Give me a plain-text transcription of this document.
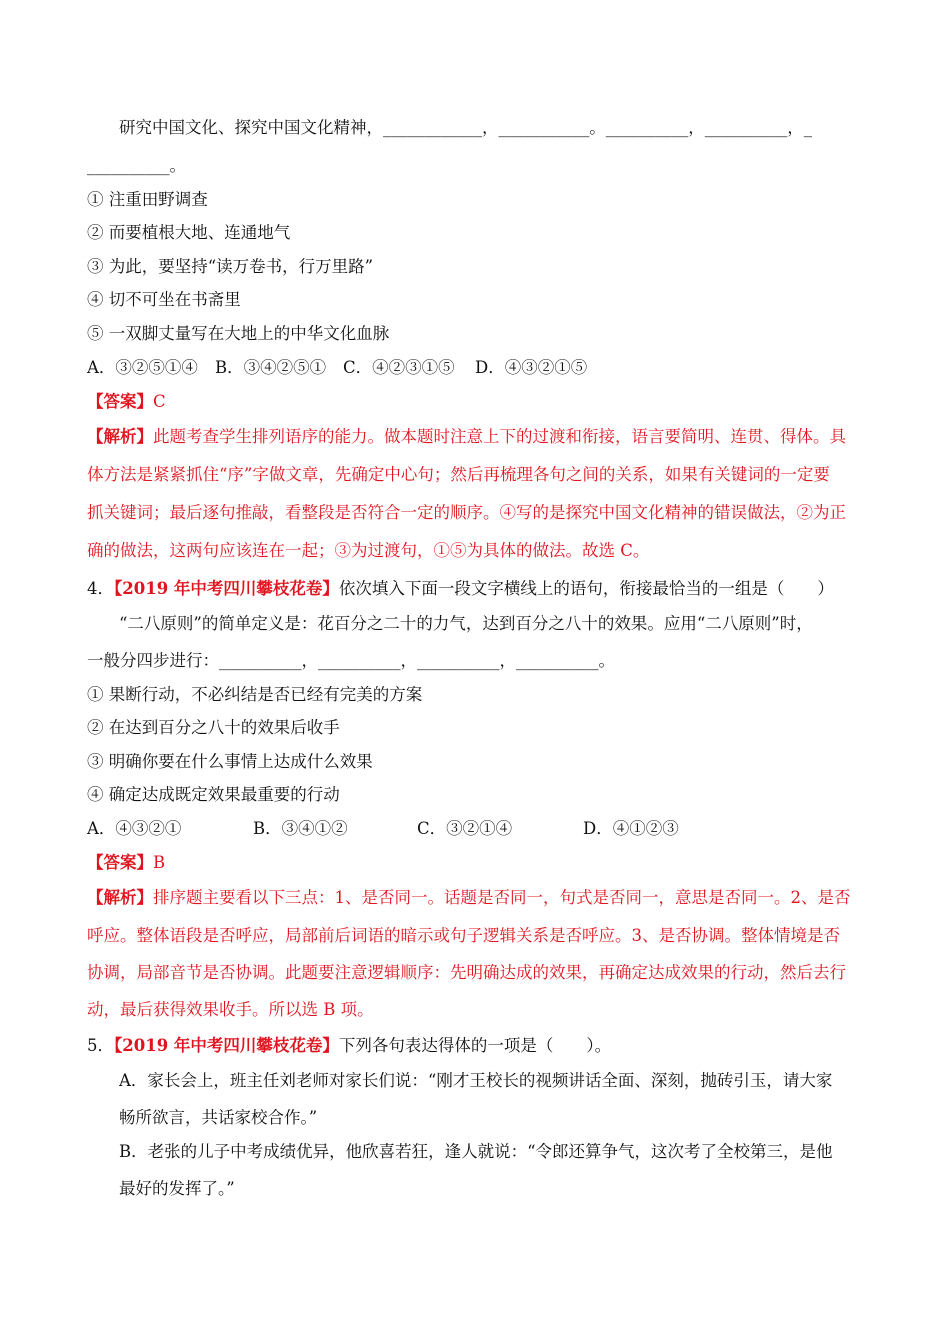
研究中国文化、探究中国文化精神，____________，___________。__________，__________，_
__________。
① 注重田野调查
② 而要植根大地、连通地气
③ 为此，要坚持“读万卷书，行万里路”
④ 切不可坐在书斋里
⑤ 一双脚丈量写在大地上的中华文化血脉
A．③②⑤①④ B．③④②⑤① C．④②③①⑤ D．④③②①⑤
【答案】C
【解析】此题考查学生排列语序的能力。做本题时注意上下的过渡和衔接，语言要简明、连贯、得体。具
体方法是紧紧抓住“序”字做文章，先确定中心句；然后再梳理各句之间的关系，如果有关键词的一定要
抓关键词；最后逐句推敲，看整段是否符合一定的顺序。④写的是探究中国文化精神的错误做法，②为正
确的做法，这两句应该连在一起；③为过渡句，①⑤为具体的做法。故选 C。
4．【2019 年中考四川攀枝花卷】依次填入下面一段文字横线上的语句，衔接最恰当的一组是（　　）
“二八原则”的简单定义是：花百分之二十的力气，达到百分之八十的效果。应用“二八原则”时，
一般分四步进行：__________，__________，__________，__________。
① 果断行动，不必纠结是否已经有完美的方案
② 在达到百分之八十的效果后收手
③ 明确你要在什么事情上达成什么效果
④ 确定达成既定效果最重要的行动
A．④③②①	B．③④①②	C．③②①④	D．④①②③
【答案】B
【解析】排序题主要看以下三点：1、是否同一。话题是否同一，句式是否同一，意思是否同一。2、是否
呼应。整体语段是否呼应，局部前后词语的暗示或句子逻辑关系是否呼应。3、是否协调。整体情境是否
协调，局部音节是否协调。此题要注意逻辑顺序：先明确达成的效果，再确定达成效果的行动，然后去行
动，最后获得效果收手。所以选 B 项。
5．【2019 年中考四川攀枝花卷】下列各句表达得体的一项是（　　）。
A．家长会上，班主任刘老师对家长们说：“刚才王校长的视频讲话全面、深刻，抛砖引玉，请大家
畅所欲言，共话家校合作。”
B．老张的儿子中考成绩优异，他欣喜若狂，逢人就说：“令郎还算争气，这次考了全校第三，是他
最好的发挥了。”
